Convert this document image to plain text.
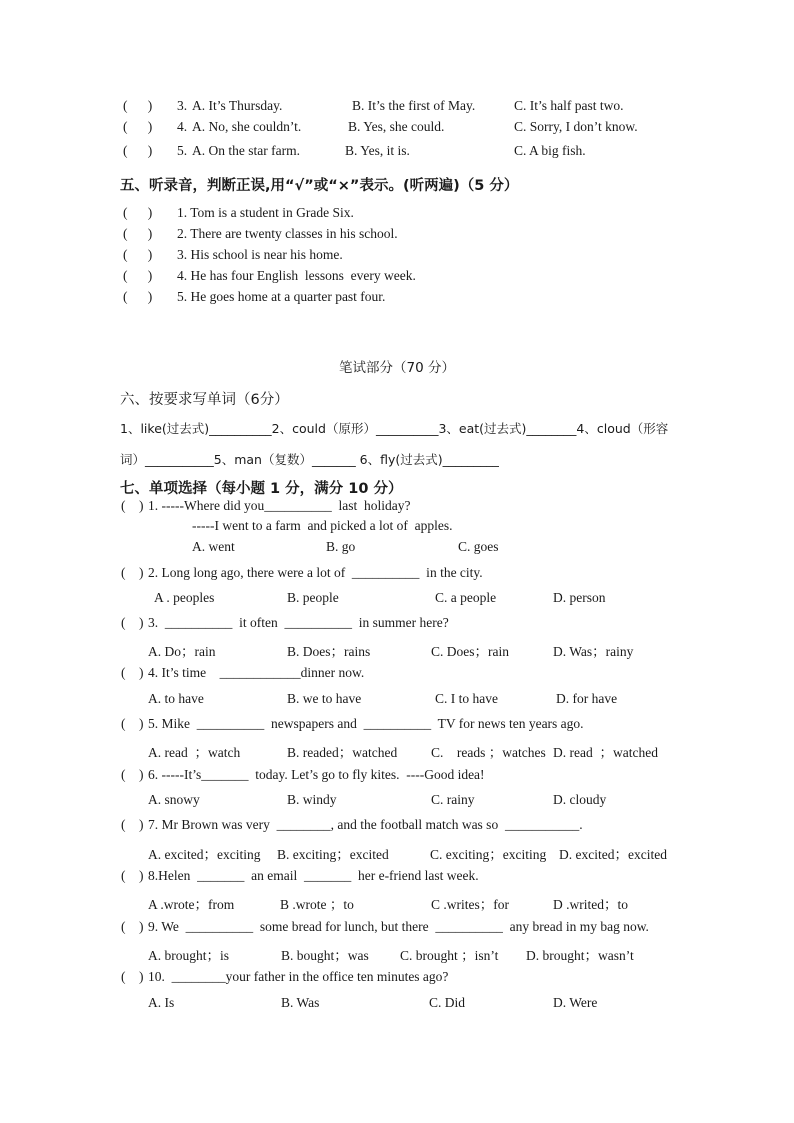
(      ) 3. A. It’s Thursday.	B. It’s the first of May.	C. It’s half past two.
(      ) 4. A. No, she couldn’t.	B. Yes, she could.	C. Sorry, I don’t know.
(      ) 5. A. On the star farm.	B. Yes, it is.	C. A big fish.
五、听录音，判断正误,用“√”或“×”表示。(听两遍)（5 分）
(      ) 1. Tom is a student in Grade Six.
(      ) 2. There are twenty classes in his school.
(      ) 3. His school is near his home.
(      ) 4. He has four English  lessons  every week.
(      ) 5. He goes home at a quarter past four.
笔试部分（70 分）
六、按要求写单词（6分）
1、like(过去式)__________2、could（原形）__________3、eat(过去式)________4、cloud（形容
词）___________5、man（复数）_______ 6、fly(过去式)_________
七、单项选择（每小题 1 分，满分 10 分）
(    ) 1. -----Where did you__________  last  holiday?
-----I went to a farm  and picked a lot of  apples.
A. went	B. go	C. goes
(    ) 2. Long long ago, there were a lot of  __________  in the city.
A . peoples	B. people	C. a people	D. person
(    ) 3.  __________  it often  __________  in summer here?
A. Do；rain	B. Does；rains	C. Does；rain	D. Was；rainy
(    ) 4. It’s time    ____________dinner now.
A. to have	B. we to have	C. I to have	D. for have
(    ) 5. Mike  __________  newspapers and  __________  TV for news ten years ago.
A. read  ；watch	B. readed；watched	C.    reads ；watches D. read  ；watched
(    ) 6. -----It’s_______  today. Let’s go to fly kites.  ----Good idea!
A. snowy	B. windy	C. rainy	D. cloudy
(    ) 7. Mr Brown was very  ________, and the football match was so  ___________.
A. excited；exciting B. exciting；excited	C. exciting；exciting D. excited；excited
(    ) 8.Helen  _______  an email  _______  her e-friend last week.
A .wrote；from	B .wrote ；to	C .writes；for	D .writed；to
(    ) 9. We  __________  some bread for lunch, but there  __________  any bread in my bag now.
A. brought；is	B. bought；was C. brought ；isn’t D. brought；wasn’t
(    ) 10.  ________your father in the office ten minutes ago?
A. Is	B. Was	C. Did	D. Were
